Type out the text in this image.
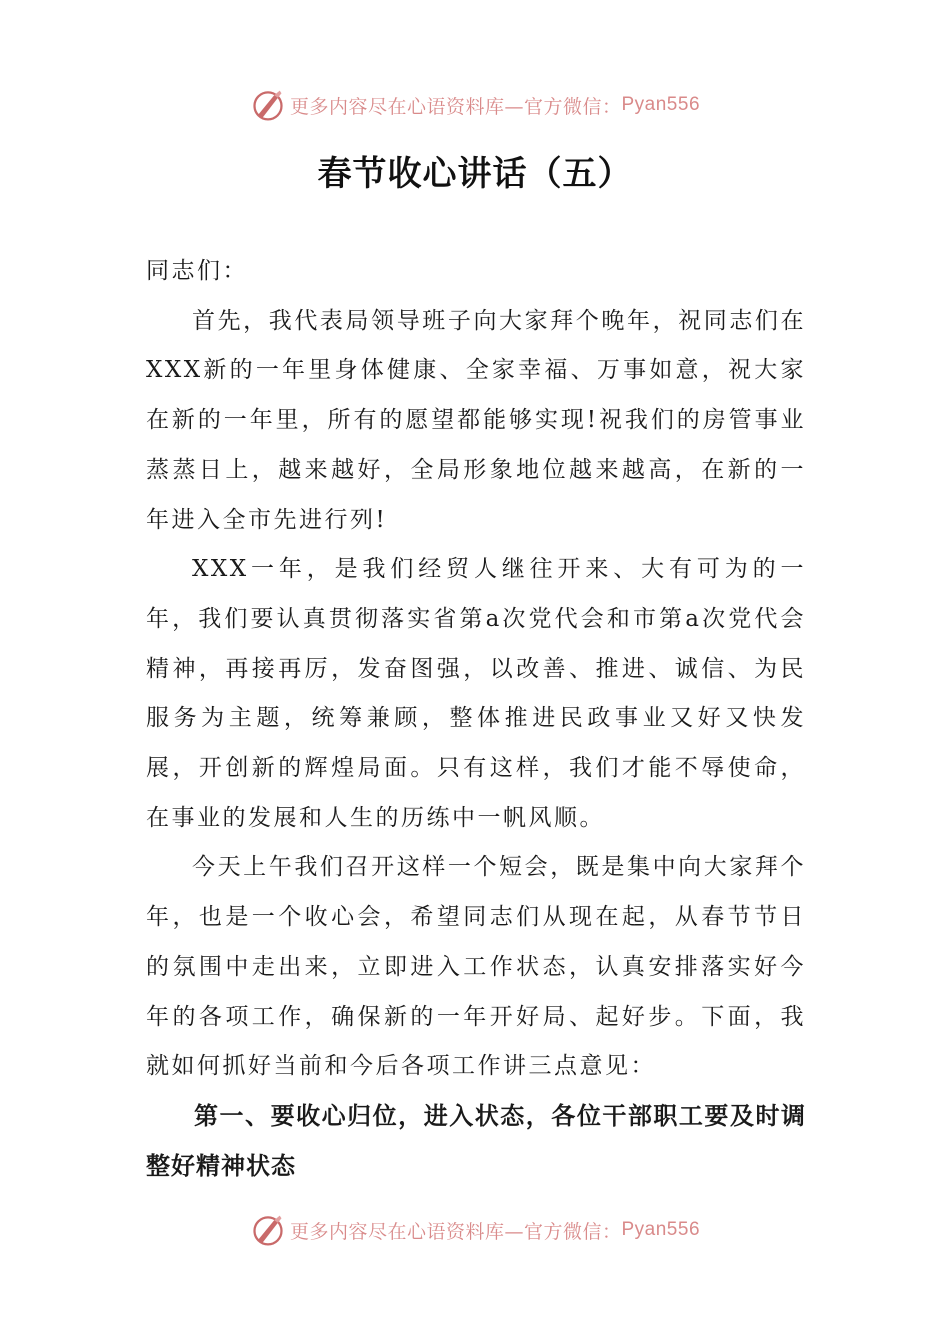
更多内容尽在心语资料库—官方微信： Pyan556
春节收心讲话（五）

同志们：

首先，我代表局领导班子向大家拜个晚年，祝同志们在XXX新的一年里身体健康、全家幸福、万事如意，祝大家在新的一年里，所有的愿望都能够实现!祝我们的房管事业蒸蒸日上，越来越好，全局形象地位越来越高，在新的一年进入全市先进行列!

XXX一年，是我们经贸人继往开来、大有可为的一年，我们要认真贯彻落实省第a次党代会和市第a次党代会精神，再接再厉，发奋图强，以改善、推进、诚信、为民服务为主题，统筹兼顾，整体推进民政事业又好又快发展，开创新的辉煌局面。只有这样，我们才能不辱使命，在事业的发展和人生的历练中一帆风顺。

今天上午我们召开这样一个短会，既是集中向大家拜个年，也是一个收心会，希望同志们从现在起，从春节节日的氛围中走出来，立即进入工作状态，认真安排落实好今年的各项工作，确保新的一年开好局、起好步。下面，我就如何抓好当前和今后各项工作讲三点意见：

第一、要收心归位，进入状态，各位干部职工要及时调整好精神状态

更多内容尽在心语资料库—官方微信： Pyan556
